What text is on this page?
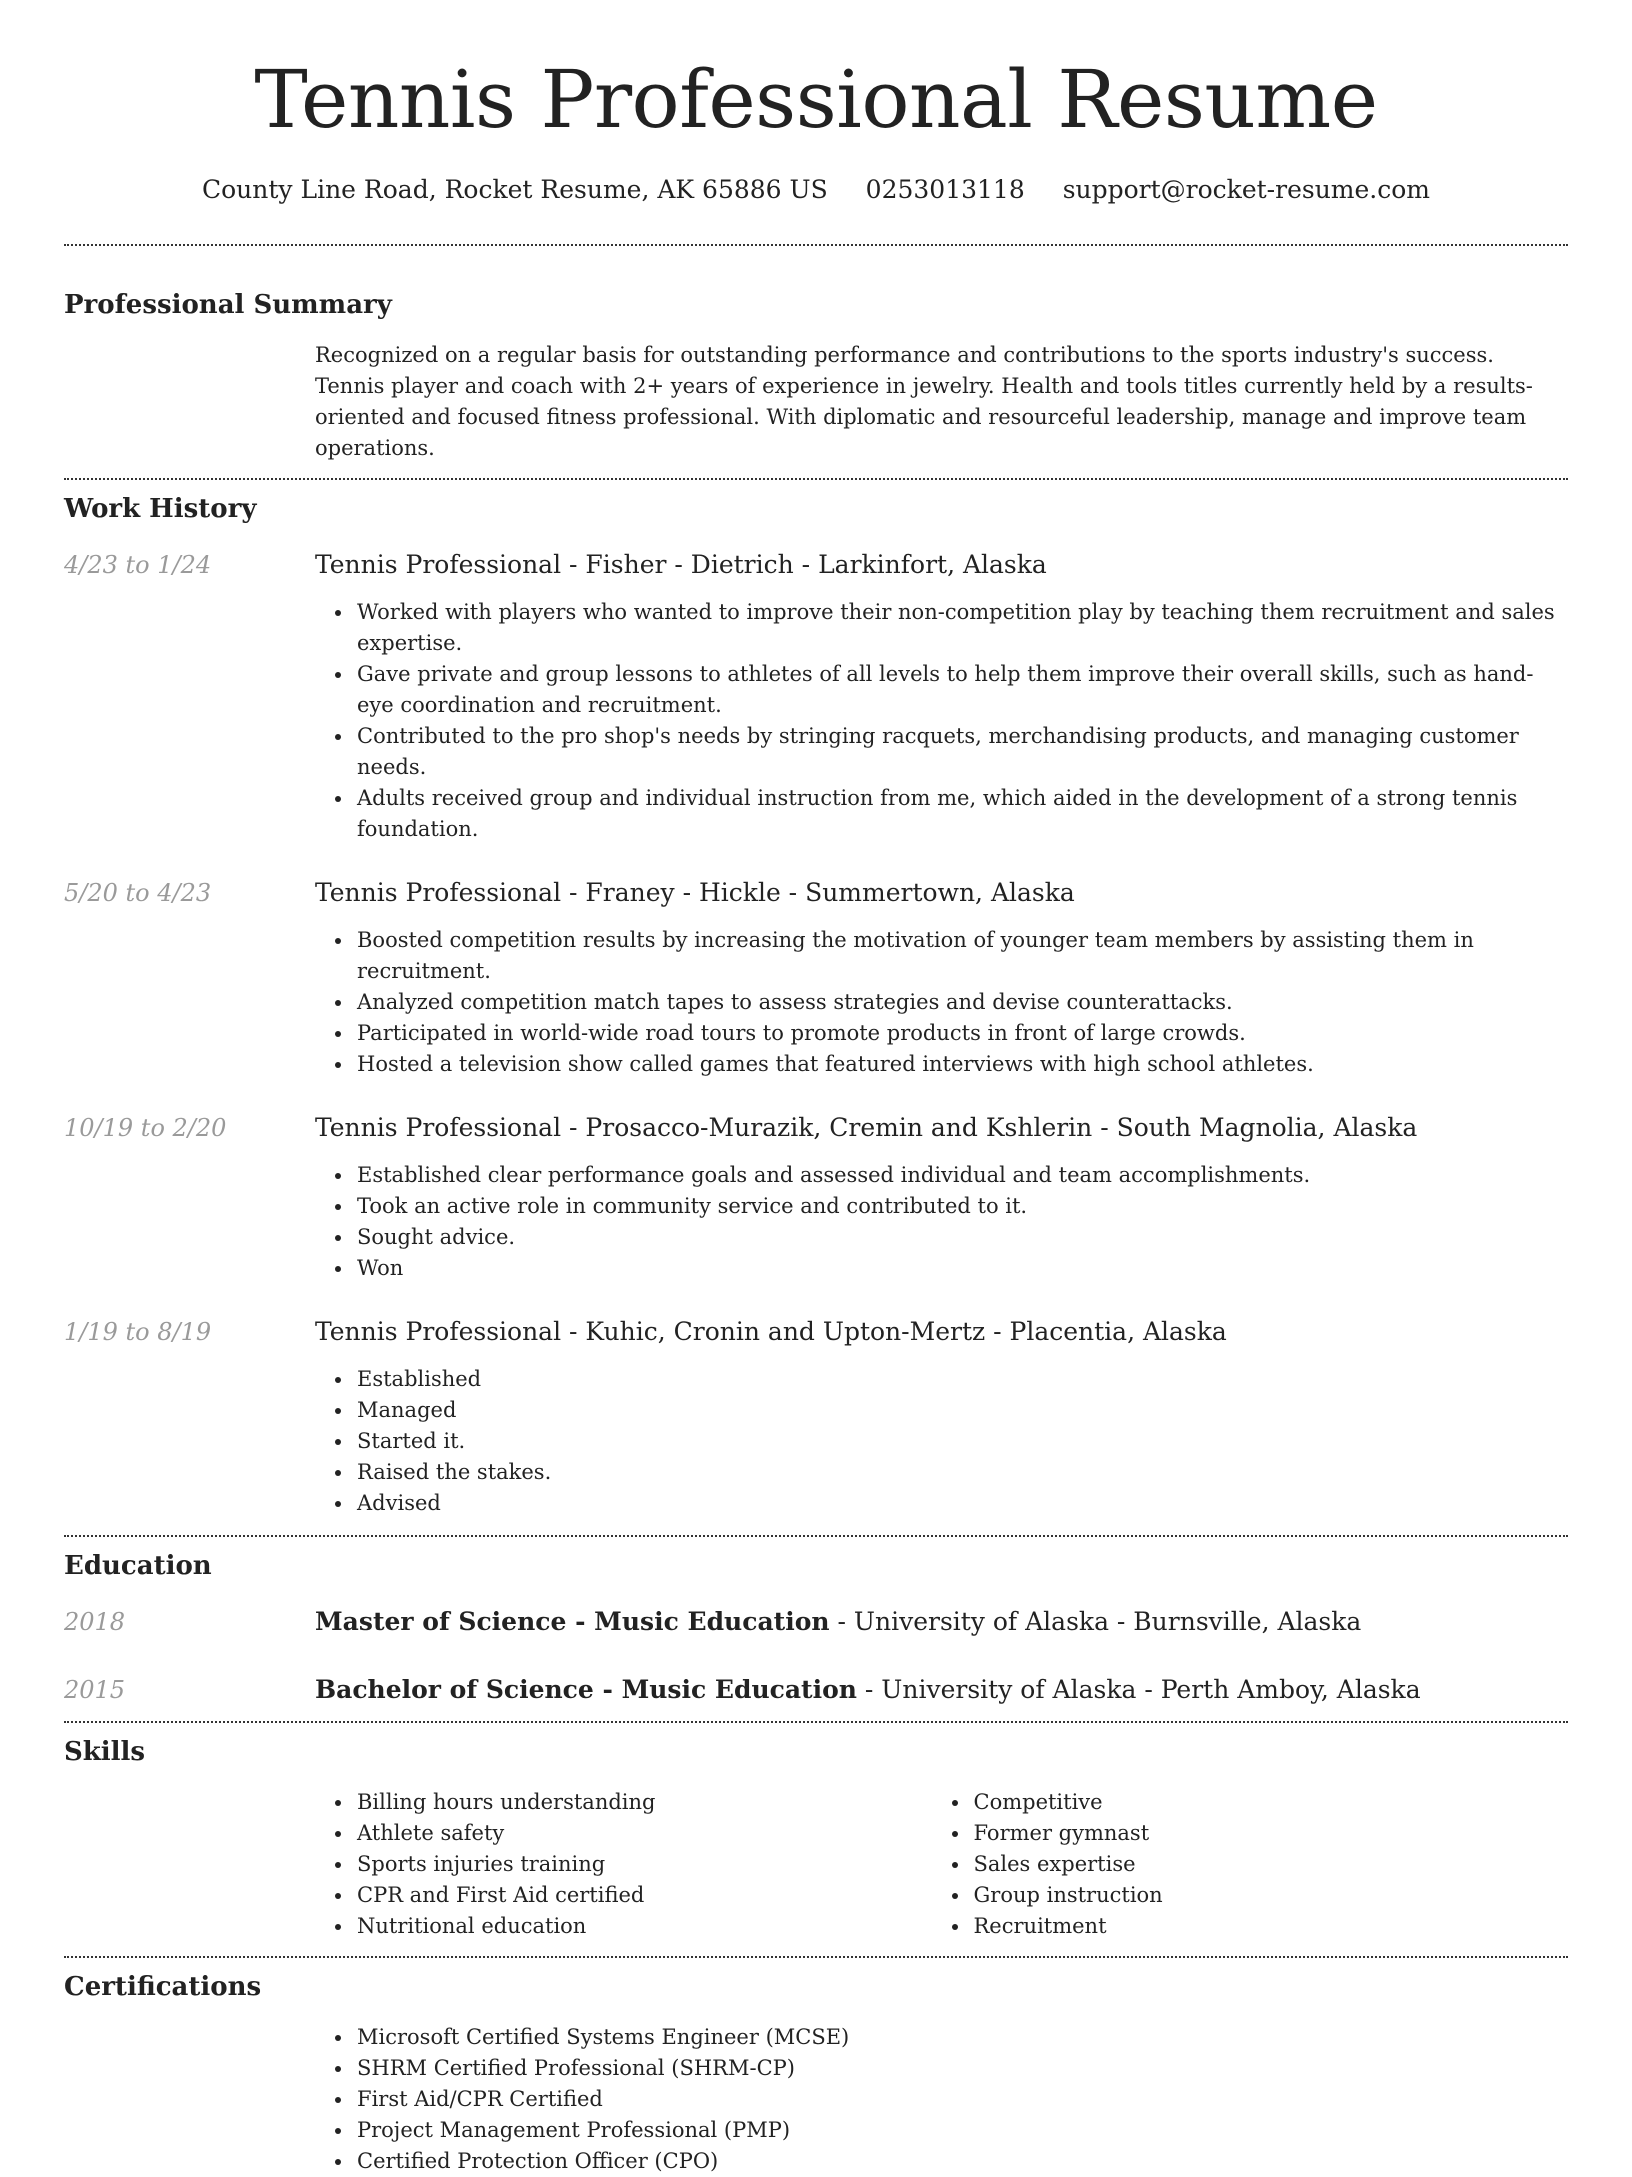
Tennis Professional Resume
County Line Road, Rocket Resume, AK 65886 US 0253013118 support@rocket-resume.com
Professional Summary
Recognized on a regular basis for outstanding performance and contributions to the sports industry's success. Tennis player and coach with 2+ years of experience in jewelry. Health and tools titles currently held by a results-oriented and focused fitness professional. With diplomatic and resourceful leadership, manage and improve team operations.
Work History
4/23 to 1/24	Tennis Professional - Fisher - Dietrich - Larkinfort, Alaska
Worked with players who wanted to improve their non-competition play by teaching them recruitment and sales expertise.
Gave private and group lessons to athletes of all levels to help them improve their overall skills, such as hand-eye coordination and recruitment.
Contributed to the pro shop's needs by stringing racquets, merchandising products, and managing customer needs.
Adults received group and individual instruction from me, which aided in the development of a strong tennis foundation.
5/20 to 4/23	Tennis Professional - Franey - Hickle - Summertown, Alaska
Boosted competition results by increasing the motivation of younger team members by assisting them in recruitment.
Analyzed competition match tapes to assess strategies and devise counterattacks.
Participated in world-wide road tours to promote products in front of large crowds.
Hosted a television show called games that featured interviews with high school athletes.
10/19 to 2/20	Tennis Professional - Prosacco-Murazik, Cremin and Kshlerin - South Magnolia, Alaska
Established clear performance goals and assessed individual and team accomplishments.
Took an active role in community service and contributed to it.
Sought advice.
Won
1/19 to 8/19	Tennis Professional - Kuhic, Cronin and Upton-Mertz - Placentia, Alaska
Established
Managed
Started it.
Raised the stakes.
Advised
Education
2018	Master of Science - Music Education - University of Alaska - Burnsville, Alaska
2015	Bachelor of Science - Music Education - University of Alaska - Perth Amboy, Alaska
Skills
Billing hours understanding
Athlete safety
Sports injuries training
CPR and First Aid certified
Nutritional education
Competitive
Former gymnast
Sales expertise
Group instruction
Recruitment
Certifications
Microsoft Certified Systems Engineer (MCSE)
SHRM Certified Professional (SHRM-CP)
First Aid/CPR Certified
Project Management Professional (PMP)
Certified Protection Officer (CPO)
